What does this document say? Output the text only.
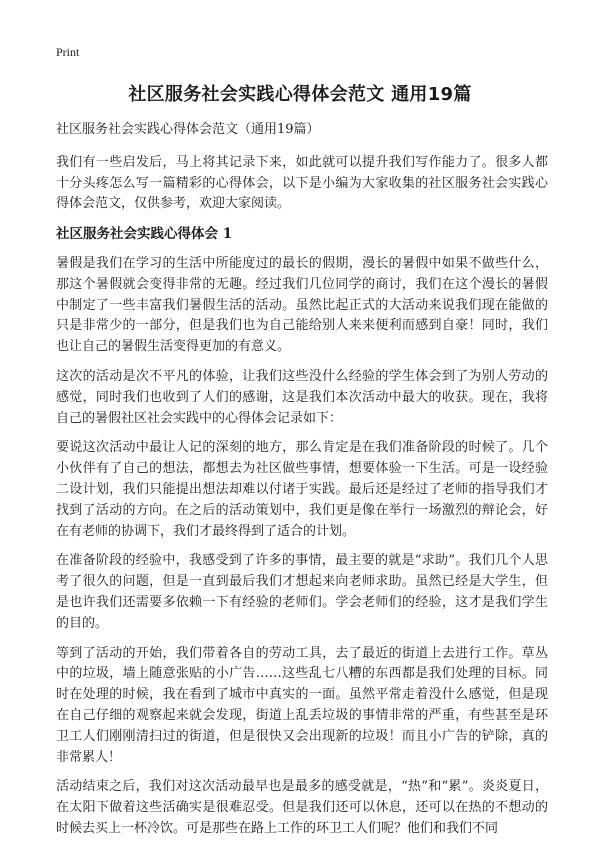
Print
社区服务社会实践心得体会范文 通用19篇

社区服务社会实践心得体会范文（通用19篇）

我们有一些启发后，马上将其记录下来，如此就可以提升我们写作能力了。很多人都十分头疼怎么写一篇精彩的心得体会，以下是小编为大家收集的社区服务社会实践心得体会范文，仅供参考，欢迎大家阅读。

社区服务社会实践心得体会 1

暑假是我们在学习的生活中所能度过的最长的假期，漫长的暑假中如果不做些什么，那这个暑假就会变得非常的无趣。经过我们几位同学的商讨，我们在这个漫长的暑假中制定了一些丰富我们暑假生活的活动。虽然比起正式的大活动来说我们现在能做的只是非常少的一部分，但是我们也为自己能给别人来来便利而感到自豪！同时，我们也让自己的暑假生活变得更加的有意义。

这次的活动是次不平凡的体验，让我们这些没什么经验的学生体会到了为别人劳动的感觉，同时我们也收到了人们的感谢，这是我们本次活动中最大的收获。现在，我将自己的暑假社区社会实践中的心得体会记录如下：

要说这次活动中最让人记的深刻的地方，那么肯定是在我们准备阶段的时候了。几个小伙伴有了自己的想法，都想去为社区做些事情，想要体验一下生活。可是一设经验二设计划，我们只能提出想法却难以付诸于实践。最后还是经过了老师的指导我们才找到了活动的方向。在之后的活动策划中，我们更是像在举行一场激烈的辩论会，好在有老师的协调下，我们才最终得到了适合的计划。

在准备阶段的经验中，我感受到了许多的事情，最主要的就是“求助”。我们几个人思考了很久的问题，但是一直到最后我们才想起来向老师求助。虽然已经是大学生，但是也许我们还需要多依赖一下有经验的老师们。学会老师们的经验，这才是我们学生的目的。

等到了活动的开始，我们带着各自的劳动工具，去了最近的街道上去进行工作。草丛中的垃圾，墙上随意张贴的小广告……这些乱七八糟的东西都是我们处理的目标。同时在处理的时候，我在看到了城市中真实的一面。虽然平常走着没什么感觉，但是现在自己仔细的观察起来就会发现，街道上乱丢垃圾的事情非常的严重，有些甚至是环卫工人们刚刚清扫过的街道，但是很快又会出现新的垃圾！而且小广告的铲除，真的非常累人！

活动结束之后，我们对这次活动最早也是最多的感受就是，“热”和“累”。炎炎夏日，在太阳下做着这些活确实是很难忍受。但是我们还可以休息，还可以在热的不想动的时候去买上一杯冷饮。可是那些在路上工作的环卫工人们呢？他们和我们不同
